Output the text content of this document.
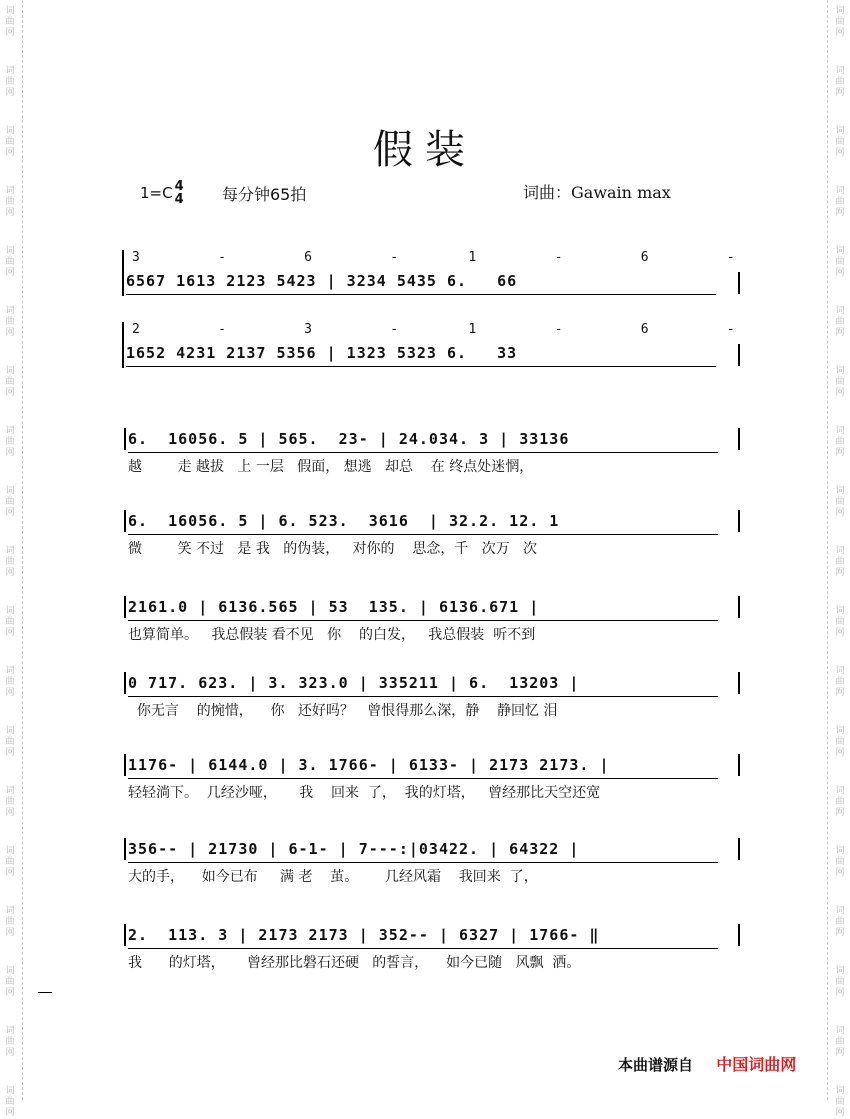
词
曲
网
词
曲
网
词
曲
网
词
曲
网
词
曲
网
词
曲
网
词
曲
网
词
曲
网
词
曲
网
词
曲
网
词
曲
网
词
曲
网
词
曲
网
词
曲
网
词
曲
网
词
曲
网
词
曲
网
词
曲
网
词
曲
网
词
曲
网
词
曲
网
词
曲
网
词
曲
网
词
曲
网
词
曲
网
词
曲
网
词
曲
网
词
曲
网
词
曲
网
词
曲
网
词
曲
网
词
曲
网
词
曲
网
词
曲
网
词
曲
网
词
曲
网
词
曲
网
词
曲
网
假装
1=C 4
4 每分钟65拍	词曲：Gawain max
3          -          6          -         1          -          6          -
6567 1613 2123 5423 | 3234 5435 6.   66
2          -          3          -         1          -          6          -
1652 4231 2137 5356 | 1323 5323 6.   33
6.  16056. 5 | 565.  23- | 24.034. 3 | 33136
越        走 越拔   上 一层   假面， 想逃   却总    在 终点处迷惘，
6.  16056. 5 | 6. 523.  3616  | 32.2. 12. 1
微        笑 不过   是 我   的伪装，   对你的    思念，千   次万   次
2161.0 | 6136.565 | 53  135. | 6136.671 |
也算简单。   我总假装 看不见   你    的白发，   我总假装  听不到
0 717. 623. | 3. 323.0 | 335211 | 6.  13203 |
你无言    的惋惜，    你   还好吗？   曾恨得那么深，静    静回忆 泪
1176- | 6144.0 | 3. 1766- | 6133- | 2173 2173. |
轻轻淌下。  几经沙哑，     我    回来  了，  我的灯塔，   曾经那比天空还宽
356-- | 21730 | 6-1- | 7---:|03422. | 64322 |
大的手，    如今已布     满 老    茧。      几经风霜    我回来  了，
2.  113. 3 | 2173 2173 | 352-- | 6327 | 1766- ‖
我      的灯塔，     曾经那比磐石还硬   的誓言，    如今已随   风飘  洒。
本曲谱源自 中国词曲网
